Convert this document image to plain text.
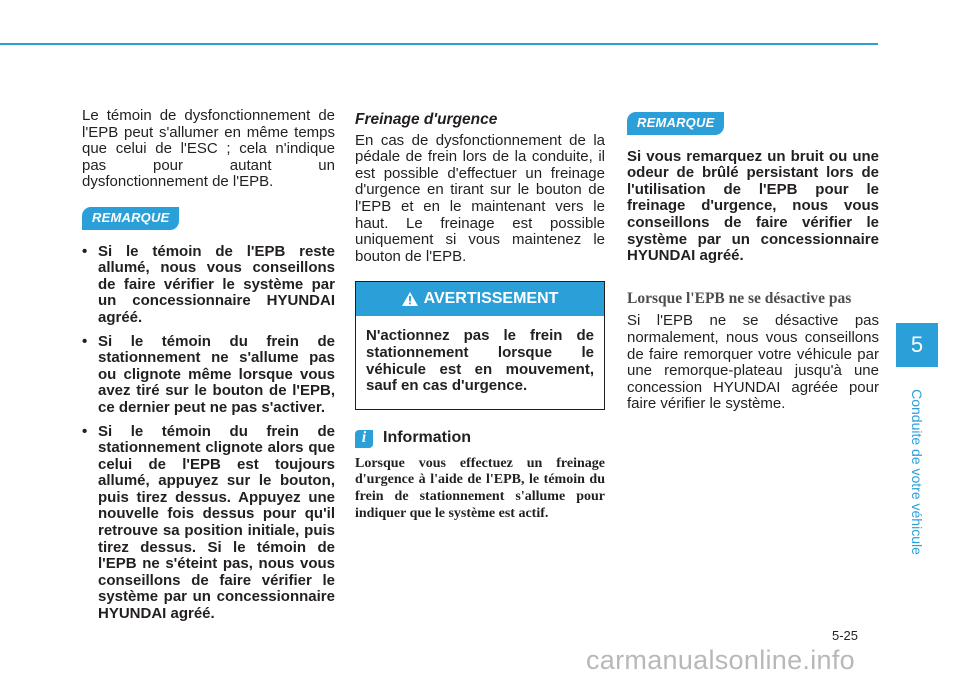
Le témoin de dysfonctionnement de l'EPB peut s'allumer en même temps que celui de l'ESC ; cela n'indique pas pour autant un dysfonctionnement de l'EPB.

REMARQUE
• Si le témoin de l'EPB reste allumé, nous vous conseillons de faire vérifier le système par un concessionnaire HYUNDAI agréé.
• Si le témoin du frein de stationnement ne s'allume pas ou clignote même lorsque vous avez tiré sur le bouton de l'EPB, ce dernier peut ne pas s'activer.
• Si le témoin du frein de stationnement clignote alors que celui de l'EPB est toujours allumé, appuyez sur le bouton, puis tirez dessus. Appuyez une nouvelle fois dessus pour qu'il retrouve sa position initiale, puis tirez dessus. Si le témoin de l'EPB ne s'éteint pas, nous vous conseillons de faire vérifier le système par un concessionnaire HYUNDAI agréé.
Freinage d'urgence

En cas de dysfonctionnement de la pédale de frein lors de la conduite, il est possible d'effectuer un freinage d'urgence en tirant sur le bouton de l'EPB et en le maintenant vers le haut. Le freinage est possible uniquement si vous maintenez le bouton de l'EPB.

AVERTISSEMENT
N'actionnez pas le frein de stationnement lorsque le véhicule est en mouvement, sauf en cas d'urgence.
i	Information

Lorsque vous effectuez un freinage d'urgence à l'aide de l'EPB, le témoin du frein de stationnement s'allume pour indiquer que le système est actif.

REMARQUE

Si vous remarquez un bruit ou une odeur de brûlé persistant lors de l'utilisation de l'EPB pour le freinage d'urgence, nous vous conseillons de faire vérifier le système par un concessionnaire HYUNDAI agréé.

Lorsque l'EPB ne se désactive pas

Si l'EPB ne se désactive pas normalement, nous vous conseillons de faire remorquer votre véhicule par une remorque-plateau jusqu'à une concession HYUNDAI agréée pour faire vérifier le système.

5
Conduite de votre véhicule
5-25
carmanualsonline.info
